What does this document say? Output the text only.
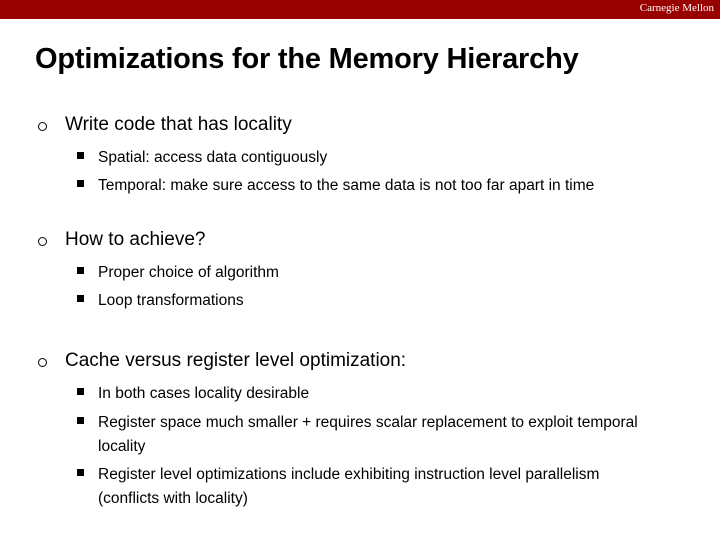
Carnegie Mellon
Optimizations for the Memory Hierarchy
Write code that has locality
Spatial: access data contiguously
Temporal: make sure access to the same data is not too far apart in time
How to achieve?
Proper choice of algorithm
Loop transformations
Cache versus register level optimization:
In both cases locality desirable
Register space much smaller + requires scalar replacement to exploit temporal locality
Register level optimizations include exhibiting instruction level parallelism (conflicts with locality)
